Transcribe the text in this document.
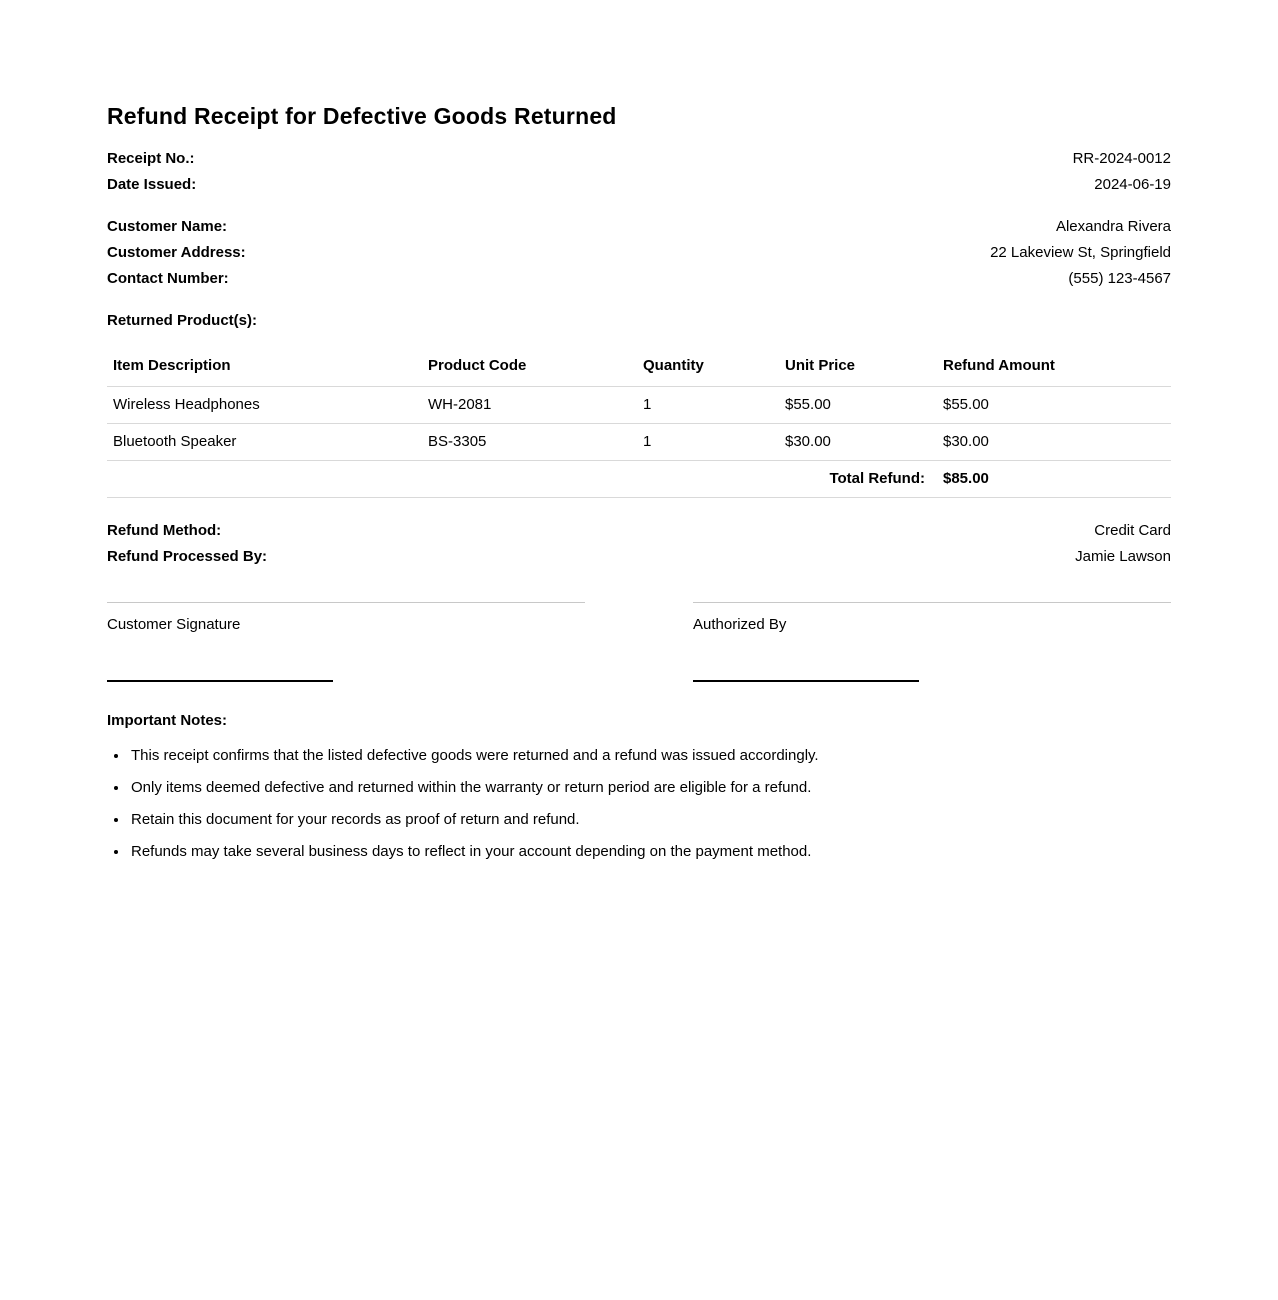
Refund Receipt for Defective Goods Returned
Receipt No.:	RR-2024-0012
Date Issued:	2024-06-19
Customer Name:	Alexandra Rivera
Customer Address:	22 Lakeview St, Springfield
Contact Number:	(555) 123-4567
Returned Product(s):
Item Description	Product Code	Quantity	Unit Price	Refund Amount
Wireless Headphones	WH-2081	1	$55.00	$55.00
Bluetooth Speaker	BS-3305	1	$30.00	$30.00
Total Refund:				$85.00
Refund Method:	Credit Card
Refund Processed By:	Jamie Lawson
Customer Signature	Authorized By
Important Notes:
• This receipt confirms that the listed defective goods were returned and a refund was issued accordingly.
• Only items deemed defective and returned within the warranty or return period are eligible for a refund.
• Retain this document for your records as proof of return and refund.
• Refunds may take several business days to reflect in your account depending on the payment method.
